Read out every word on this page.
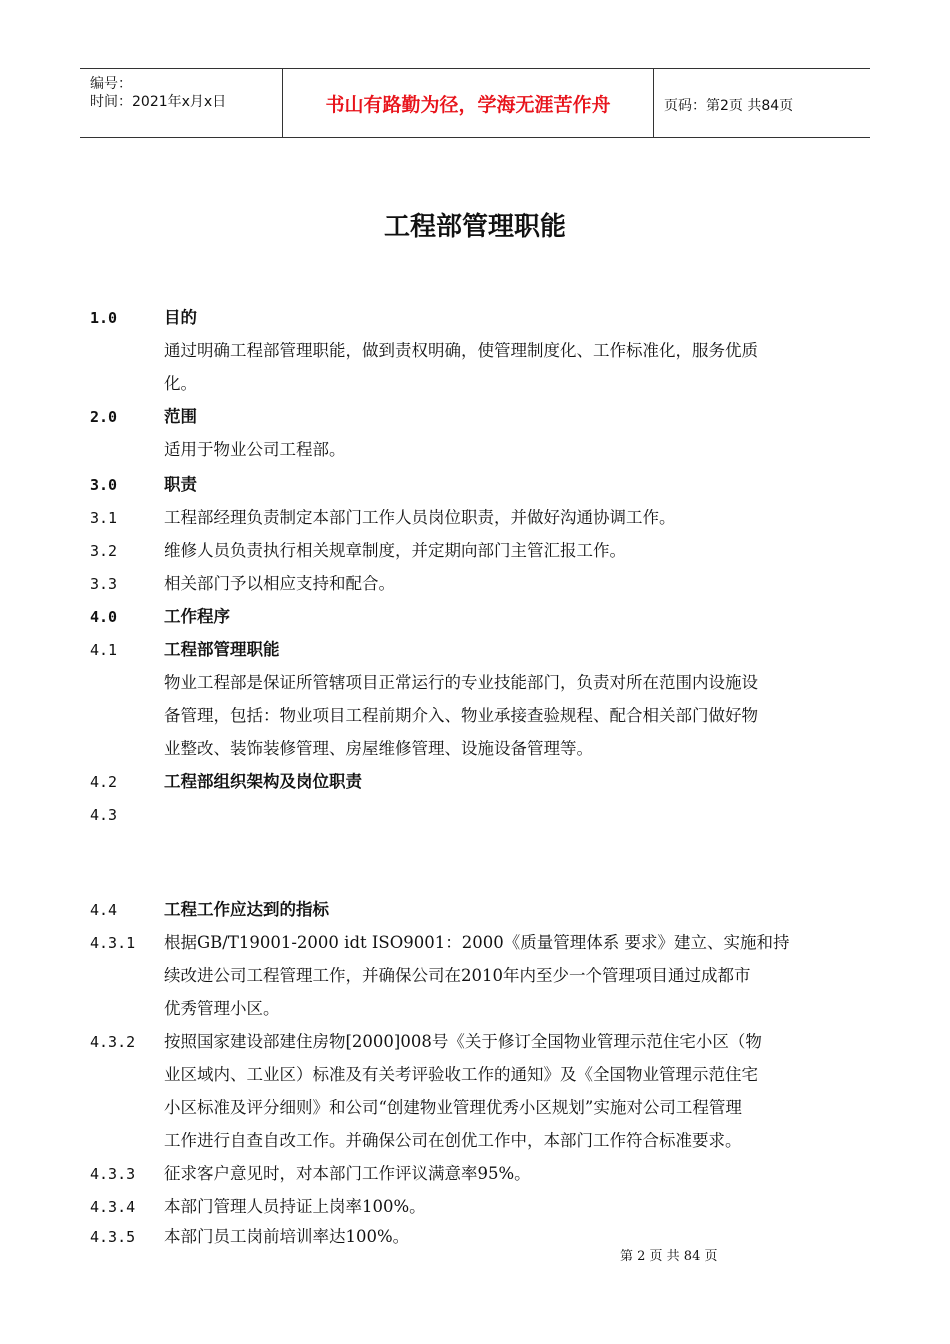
编号：
时间：2021年x月x日	书山有路勤为径，学海无涯苦作舟	页码：第2页 共84页
工程部管理职能
1.0	目的
通过明确工程部管理职能，做到责权明确，使管理制度化、工作标准化，服务优质
化。
2.0	范围
适用于物业公司工程部。
3.0	职责
3.1	工程部经理负责制定本部门工作人员岗位职责，并做好沟通协调工作。
3.2	维修人员负责执行相关规章制度，并定期向部门主管汇报工作。
3.3	相关部门予以相应支持和配合。
4.0	工作程序
4.1	工程部管理职能
物业工程部是保证所管辖项目正常运行的专业技能部门，负责对所在范围内设施设
备管理，包括：物业项目工程前期介入、物业承接查验规程、配合相关部门做好物
业整改、装饰装修管理、房屋维修管理、设施设备管理等。
4.2	工程部组织架构及岗位职责
4.3
4.4	工程工作应达到的指标
4.3.1 根据GB/T19001-2000 idt ISO9001：2000《质量管理体系 要求》建立、实施和持
续改进公司工程管理工作，并确保公司在2010年内至少一个管理项目通过成都市
优秀管理小区。
4.3.2 按照国家建设部建住房物[2000]008号《关于修订全国物业管理示范住宅小区（物
业区域内、工业区）标准及有关考评验收工作的通知》及《全国物业管理示范住宅
小区标准及评分细则》和公司“创建物业管理优秀小区规划”实施对公司工程管理
工作进行自查自改工作。并确保公司在创优工作中，本部门工作符合标准要求。
4.3.3 征求客户意见时，对本部门工作评议满意率95%。
4.3.4 本部门管理人员持证上岗率100%。
4.3.5 本部门员工岗前培训率达100%。
第 2 页 共 84 页
